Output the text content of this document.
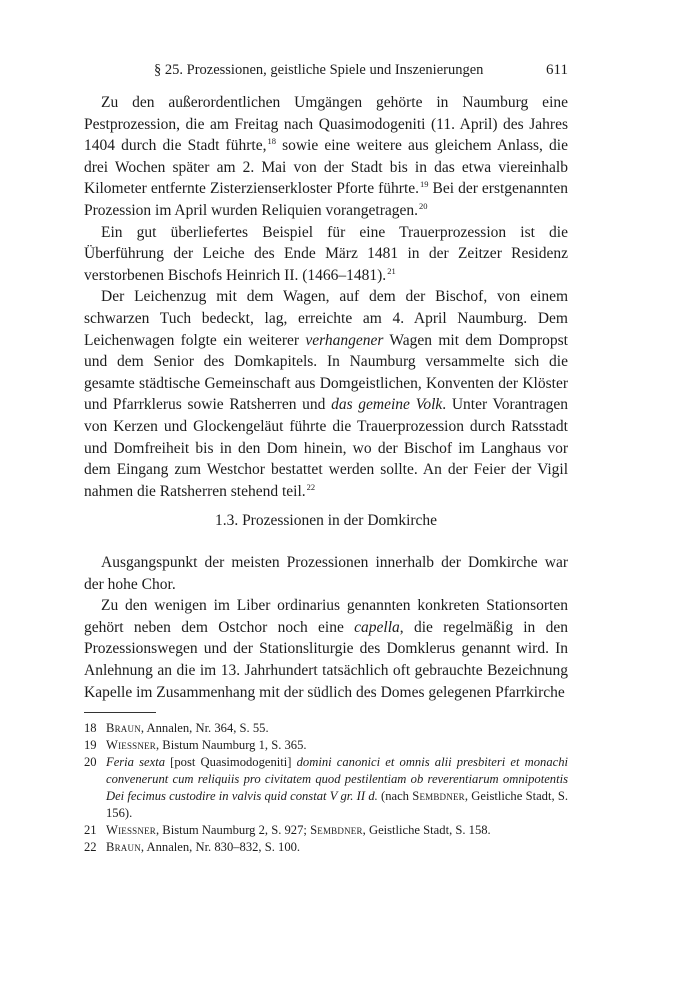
§ 25. Prozessionen, geistliche Spiele und Inszenierungen	611

Zu den außerordentlichen Umgängen gehörte in Naumburg eine Pestprozession, die am Freitag nach Quasimodogeniti (11. April) des Jahres 1404 durch die Stadt führte,$^{18}$ sowie eine weitere aus gleichem Anlass, die drei Wochen später am 2. Mai von der Stadt bis in das etwa viereinhalb Kilometer entfernte Zisterzienserkloster Pforte führte.$^{19}$ Bei der erstgenannten Prozession im April wurden Reliquien vorangetragen.$^{20}$

Ein gut überliefertes Beispiel für eine Trauerprozession ist die Überführung der Leiche des Ende März 1481 in der Zeitzer Residenz verstorbenen Bischofs Heinrich II. (1466–1481).$^{21}$

Der Leichenzug mit dem Wagen, auf dem der Bischof, von einem schwarzen Tuch bedeckt, lag, erreichte am 4. April Naumburg. Dem Leichenwagen folgte ein weiterer verhangener Wagen mit dem Dompropst und dem Senior des Domkapitels. In Naumburg versammelte sich die gesamte städtische Gemeinschaft aus Domgeistlichen, Konventen der Klöster und Pfarrklerus sowie Ratsherren und das gemeine Volk. Unter Vorantragen von Kerzen und Glockengeläut führte die Trauerprozession durch Ratsstadt und Domfreiheit bis in den Dom hinein, wo der Bischof im Langhaus vor dem Eingang zum Westchor bestattet werden sollte. An der Feier der Vigil nahmen die Ratsherren stehend teil.$^{22}$

1.3. Prozessionen in der Domkirche

Ausgangspunkt der meisten Prozessionen innerhalb der Domkirche war der hohe Chor.

Zu den wenigen im Liber ordinarius genannten konkreten Stationsorten gehört neben dem Ostchor noch eine capella, die regelmäßig in den Prozessionswegen und der Stationsliturgie des Domklerus genannt wird. In Anlehnung an die im 13. Jahrhundert tatsächlich oft gebrauchte Bezeichnung Kapelle im Zusammenhang mit der südlich des Domes gelegenen Pfarrkirche

18 Braun, Annalen, Nr. 364, S. 55.
19 Wiessner, Bistum Naumburg 1, S. 365.
20 Feria sexta [post Quasimodogeniti] domini canonici et omnis alii presbiteri et monachi convenerunt cum reliquiis pro civitatem quod pestilentiam ob reverentiarum omnipotentis Dei fecimus custodire in valvis quid constat V gr. II d. (nach Sembdner, Geistliche Stadt, S. 156).
21 Wiessner, Bistum Naumburg 2, S. 927; Sembdner, Geistliche Stadt, S. 158.
22 Braun, Annalen, Nr. 830–832, S. 100.
